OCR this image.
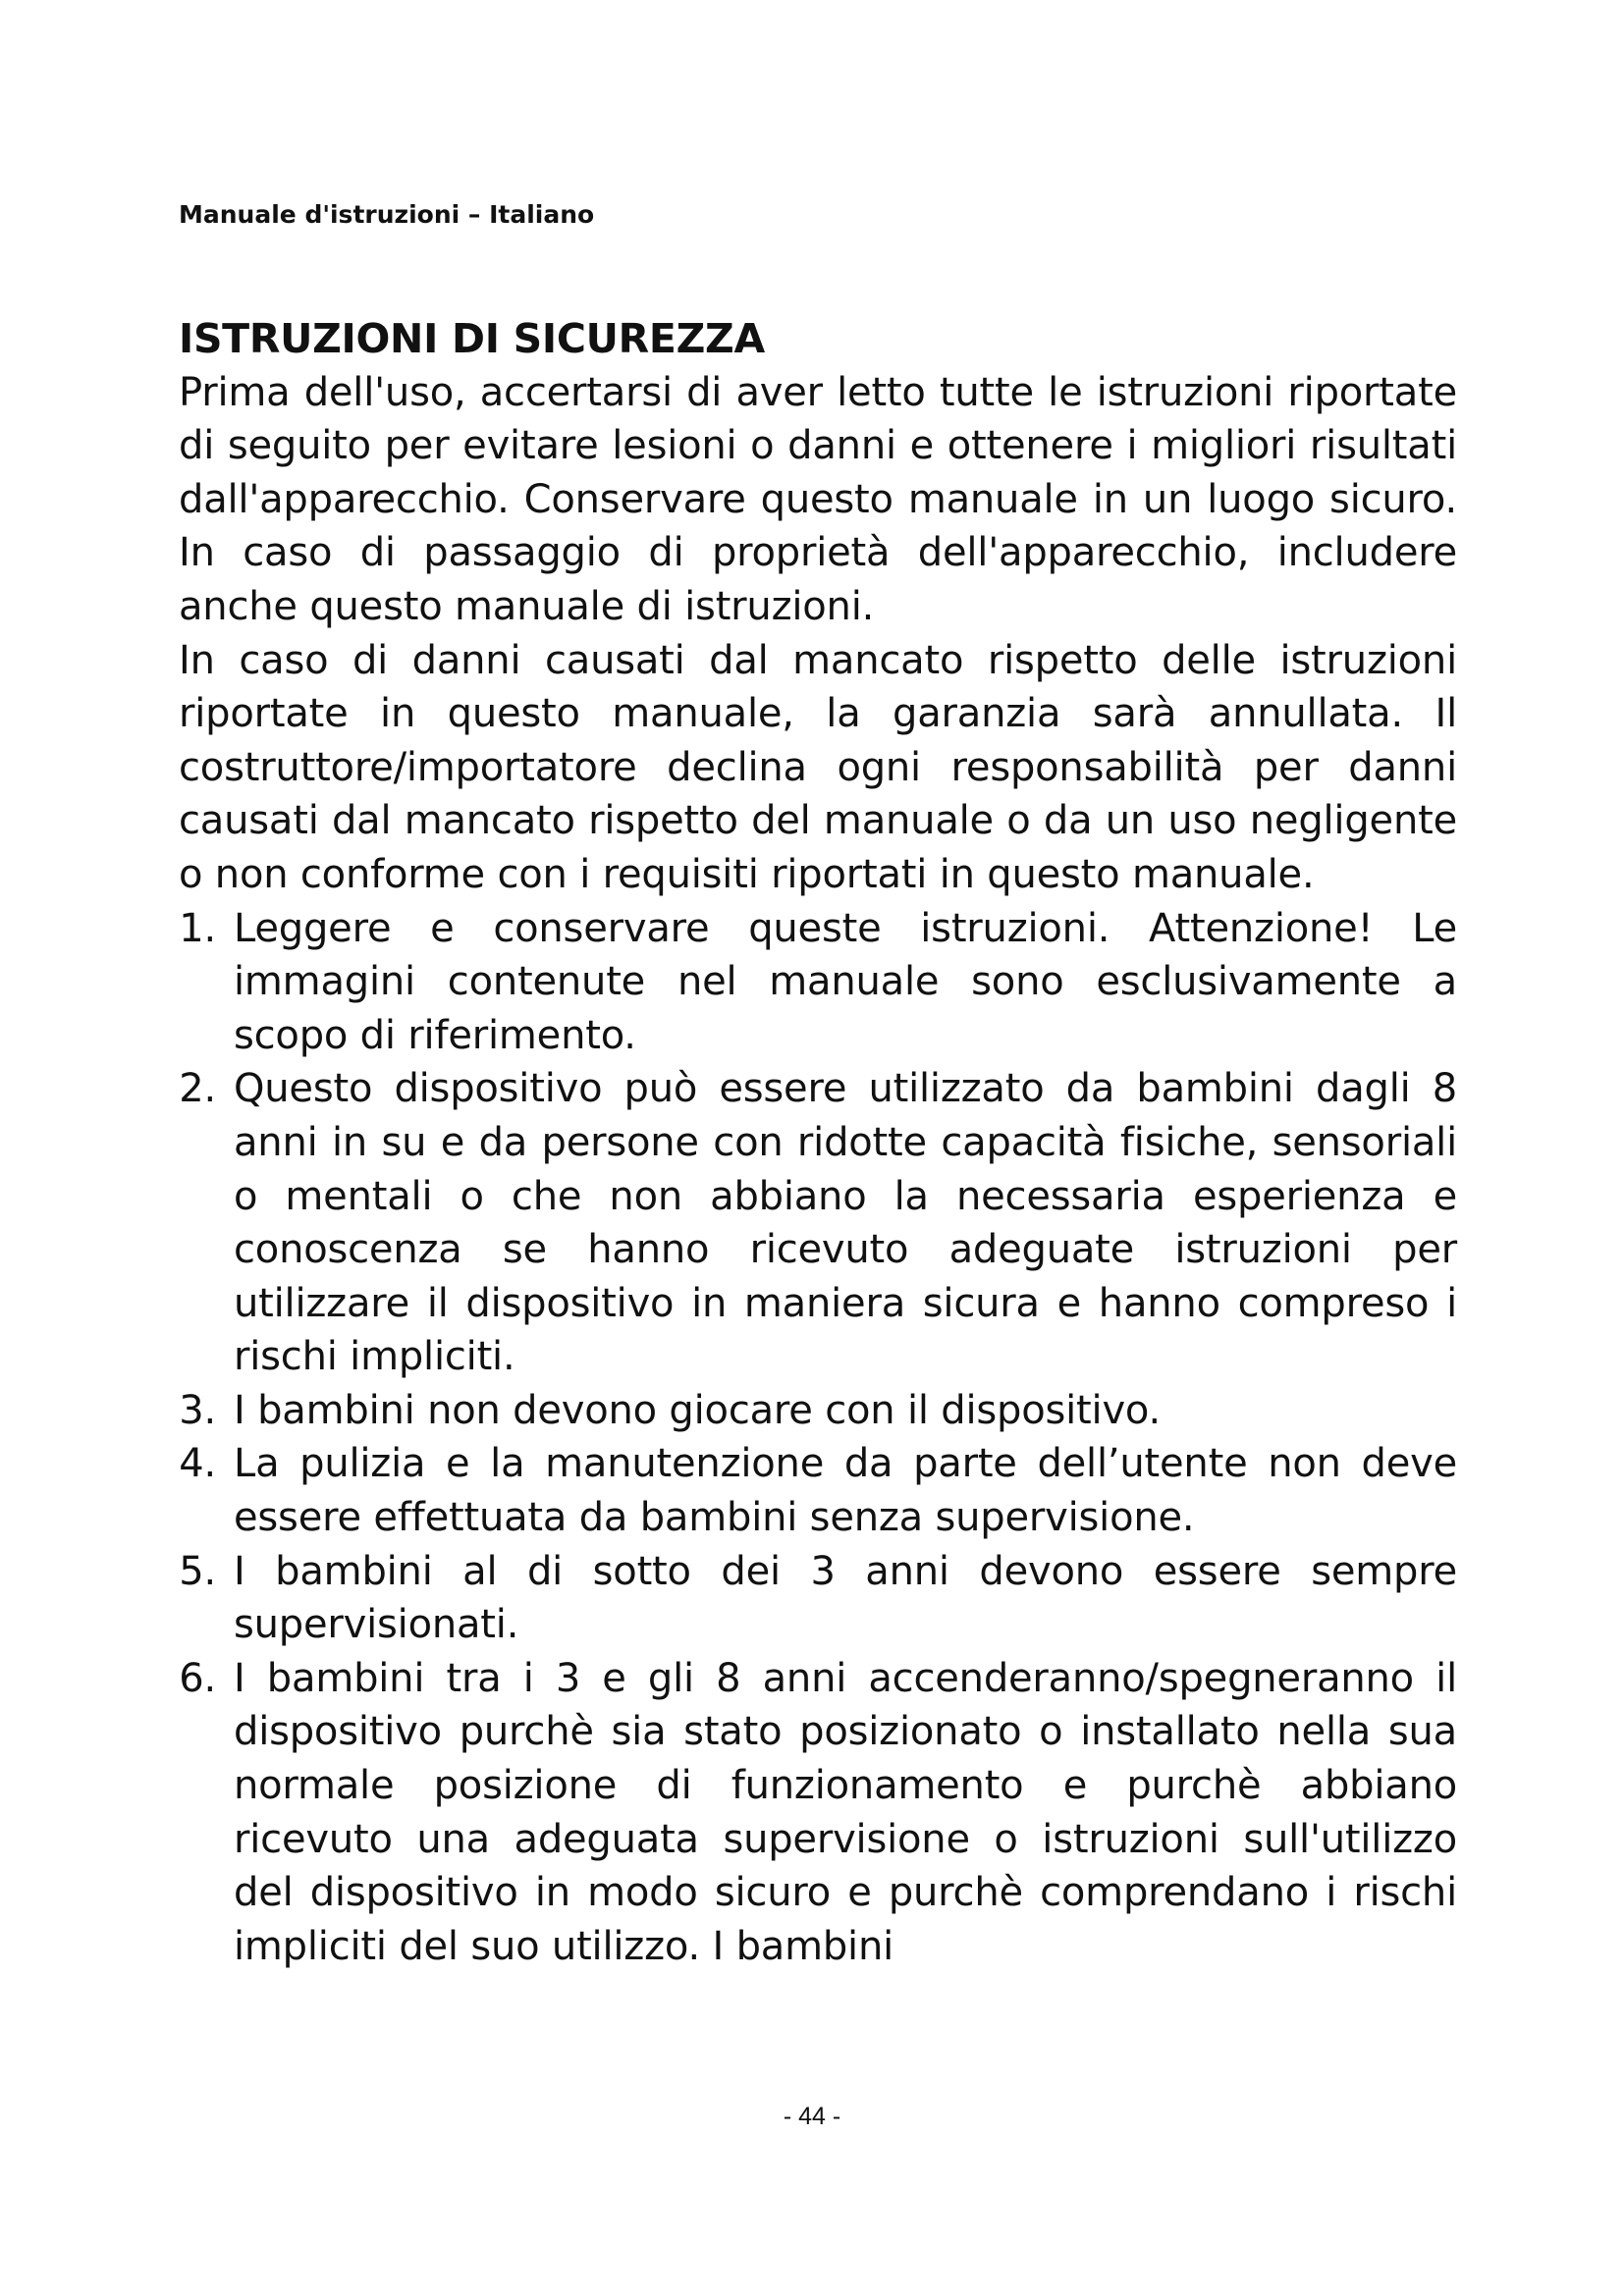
Manuale d'istruzioni – Italiano
ISTRUZIONI DI SICUREZZA

Prima dell'uso, accertarsi di aver letto tutte le istruzioni riportate di seguito per evitare lesioni o danni e ottenere i migliori risultati dall'apparecchio. Conservare questo manuale in un luogo sicuro. In caso di passaggio di proprietà dell'apparecchio, includere anche questo manuale di istruzioni.

In caso di danni causati dal mancato rispetto delle istruzioni riportate in questo manuale, la garanzia sarà annullata. Il costruttore/importatore declina ogni responsabilità per danni causati dal mancato rispetto del manuale o da un uso negligente o non conforme con i requisiti riportati in questo manuale.

1. Leggere e conservare queste istruzioni. Attenzione! Le immagini contenute nel manuale sono esclusivamente a scopo di riferimento.
2. Questo dispositivo può essere utilizzato da bambini dagli 8 anni in su e da persone con ridotte capacità fisiche, sensoriali o mentali o che non abbiano la necessaria esperienza e conoscenza se hanno ricevuto adeguate istruzioni per utilizzare il dispositivo in maniera sicura e hanno compreso i rischi impliciti.
3. I bambini non devono giocare con il dispositivo.
4. La pulizia e la manutenzione da parte dell’utente non deve essere effettuata da bambini senza supervisione.
5. I bambini al di sotto dei 3 anni devono essere sempre supervisionati.
6. I bambini tra i 3 e gli 8 anni accenderanno/spegneranno il dispositivo purchè sia stato posizionato o installato nella sua normale posizione di funzionamento e purchè abbiano ricevuto una adeguata supervisione o istruzioni sull'utilizzo del dispositivo in modo sicuro e purchè comprendano i rischi impliciti del suo utilizzo. I bambini
- 44 -
